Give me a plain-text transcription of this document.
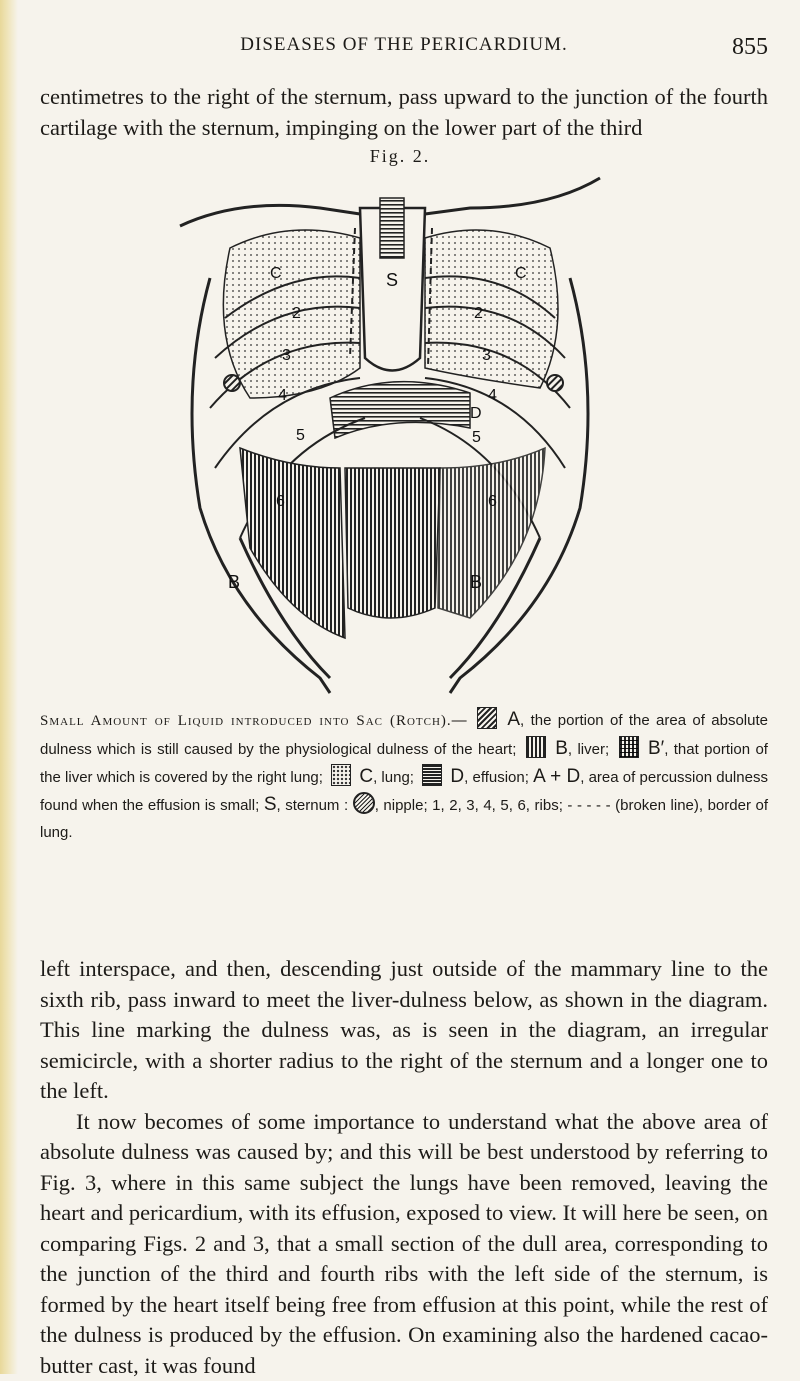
DISEASES OF THE PERICARDIUM.	855

centimetres to the right of the sternum, pass upward to the junction of the fourth cartilage with the sternum, impinging on the lower part of the third

Fig. 2.
S
C	C
D
B	B
2
3
4
5
6
2
3
4
5
6
Small Amount of Liquid introduced into Sac (Rotch).— A, the portion of the area of absolute dulness which is still caused by the physiological dulness of the heart; B, liver; B′, that portion of the liver which is covered by the right lung; C, lung; D, effusion; A + D, area of percussion dulness found when the effusion is small; S, sternum : , nipple; 1, 2, 3, 4, 5, 6, ribs; - - - - - (broken line), border of lung.

left interspace, and then, descending just outside of the mammary line to the sixth rib, pass inward to meet the liver-dulness below, as shown in the diagram. This line marking the dulness was, as is seen in the diagram, an irregular semicircle, with a shorter radius to the right of the sternum and a longer one to the left.

It now becomes of some importance to understand what the above area of absolute dulness was caused by; and this will be best understood by referring to Fig. 3, where in this same subject the lungs have been removed, leaving the heart and pericardium, with its effusion, exposed to view. It will here be seen, on comparing Figs. 2 and 3, that a small section of the dull area, corresponding to the junction of the third and fourth ribs with the left side of the sternum, is formed by the heart itself being free from effusion at this point, while the rest of the dulness is produced by the effusion. On examining also the hardened cacao-butter cast, it was found
